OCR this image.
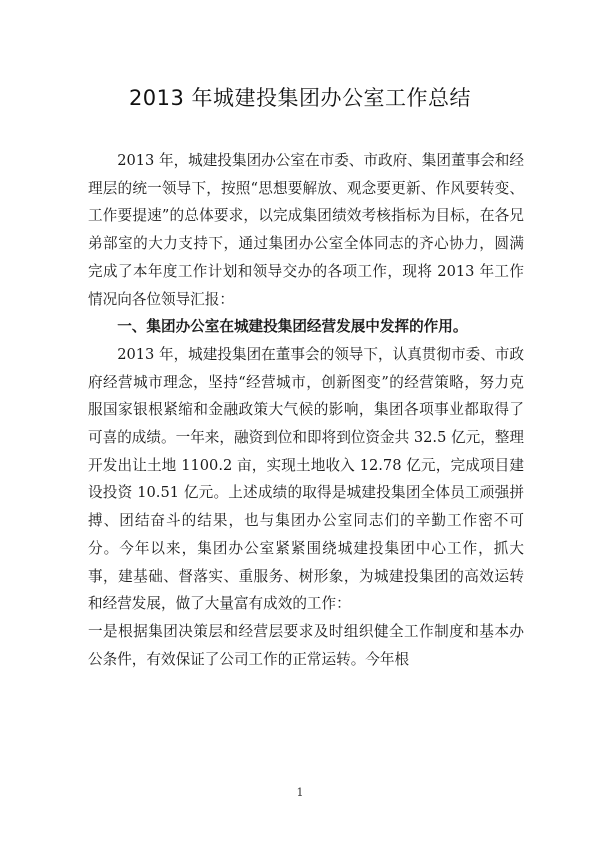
2013 年城建投集团办公室工作总结

2013 年，城建投集团办公室在市委、市政府、集团董事会和经理层的统一领导下，按照“思想要解放、观念要更新、作风要转变、工作要提速”的总体要求，以完成集团绩效考核指标为目标，在各兄弟部室的大力支持下，通过集团办公室全体同志的齐心协力，圆满完成了本年度工作计划和领导交办的各项工作，现将 2013 年工作情况向各位领导汇报：

一、集团办公室在城建投集团经营发展中发挥的作用。

2013 年，城建投集团在董事会的领导下，认真贯彻市委、市政府经营城市理念，坚持“经营城市，创新图变”的经营策略，努力克服国家银根紧缩和金融政策大气候的影响，集团各项事业都取得了可喜的成绩。一年来，融资到位和即将到位资金共 32.5 亿元，整理开发出让土地 1100.2 亩，实现土地收入 12.78 亿元，完成项目建设投资 10.51 亿元。上述成绩的取得是城建投集团全体员工顽强拼搏、团结奋斗的结果，也与集团办公室同志们的辛勤工作密不可分。今年以来，集团办公室紧紧围绕城建投集团中心工作，抓大事，建基础、督落实、重服务、树形象，为城建投集团的高效运转和经营发展，做了大量富有成效的工作：

一是根据集团决策层和经营层要求及时组织健全工作制度和基本办公条件，有效保证了公司工作的正常运转。今年根

1
